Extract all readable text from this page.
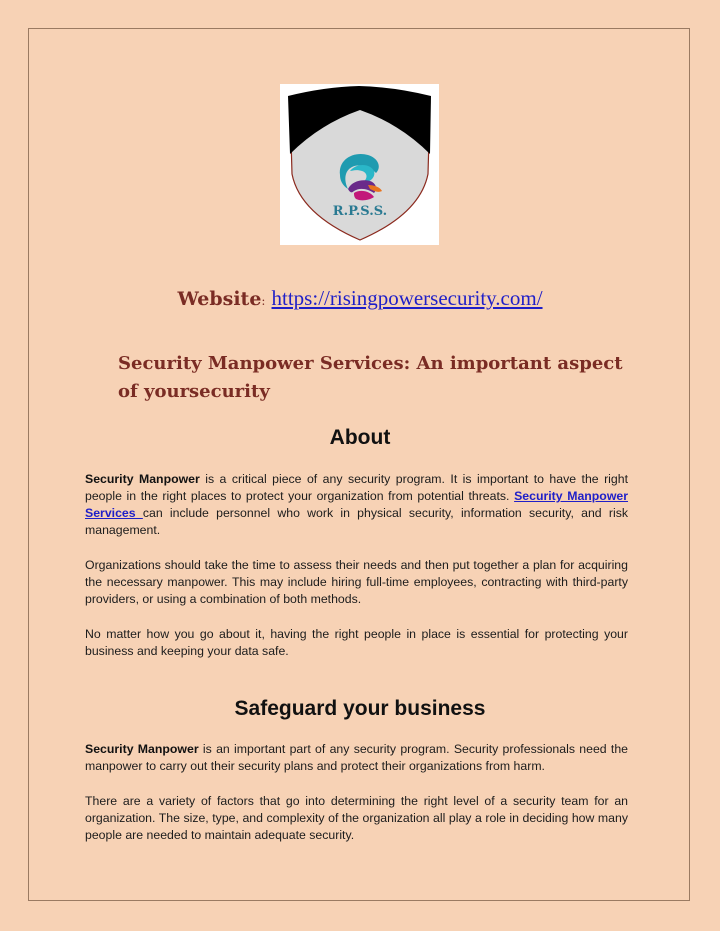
R.P.S.S.
Website: https://risingpowersecurity.com/
Security Manpower Services: An important aspect of yoursecurity
About

Security Manpower is a critical piece of any security program. It is important to have the right people in the right places to protect your organization from potential threats. Security Manpower Services can include personnel who work in physical security, information security, and risk management.

Organizations should take the time to assess their needs and then put together a plan for acquiring the necessary manpower. This may include hiring full-time employees, contracting with third-party providers, or using a combination of both methods.

No matter how you go about it, having the right people in place is essential for protecting your business and keeping your data safe.

Safeguard your business

Security Manpower is an important part of any security program. Security professionals need the manpower to carry out their security plans and protect their organizations from harm.

There are a variety of factors that go into determining the right level of a security team for an organization. The size, type, and complexity of the organization all play a role in deciding how many people are needed to maintain adequate security.
